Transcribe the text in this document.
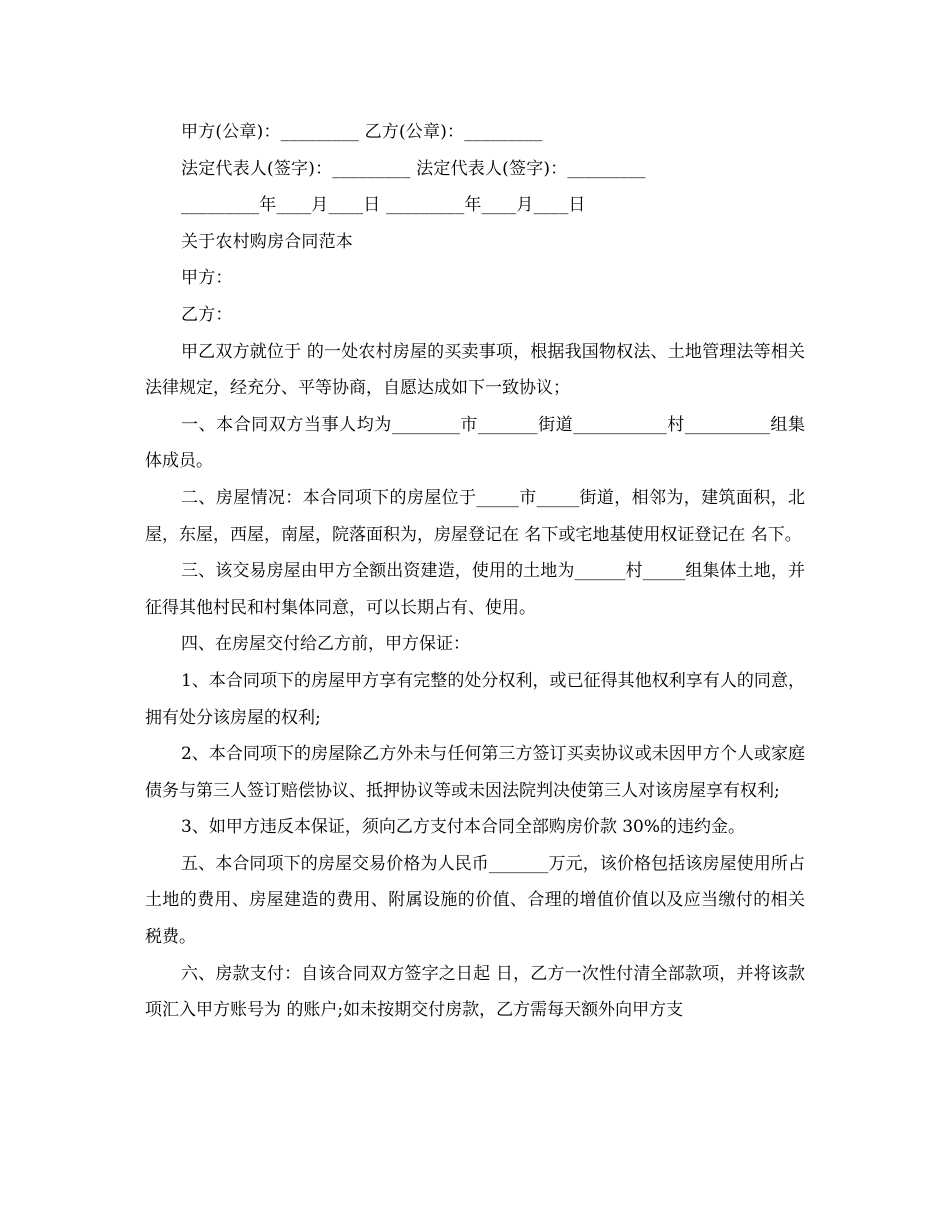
甲方(公章)：_________ 乙方(公章)：_________
法定代表人(签字)：_________ 法定代表人(签字)：_________
_________年____月____日 _________年____月____日
关于农村购房合同范本
甲方：
乙方：

甲乙双方就位于 的一处农村房屋的买卖事项，根据我国物权法、土地管理法等相关法律规定，经充分、平等协商，自愿达成如下一致协议；

一、本合同双方当事人均为________市_______街道___________村__________组集体成员。

二、房屋情况：本合同项下的房屋位于_____市_____街道，相邻为，建筑面积，北屋，东屋，西屋，南屋，院落面积为，房屋登记在 名下或宅地基使用权证登记在 名下。

三、该交易房屋由甲方全额出资建造，使用的土地为______村_____组集体土地，并征得其他村民和村集体同意，可以长期占有、使用。

四、在房屋交付给乙方前，甲方保证：

1、本合同项下的房屋甲方享有完整的处分权利，或已征得其他权利享有人的同意，拥有处分该房屋的权利;

2、本合同项下的房屋除乙方外未与任何第三方签订买卖协议或未因甲方个人或家庭债务与第三人签订赔偿协议、抵押协议等或未因法院判决使第三人对该房屋享有权利;

3、如甲方违反本保证，须向乙方支付本合同全部购房价款 30%的违约金。

五、本合同项下的房屋交易价格为人民币_______万元，该价格包括该房屋使用所占土地的费用、房屋建造的费用、附属设施的价值、合理的增值价值以及应当缴付的相关税费。

六、房款支付：自该合同双方签字之日起 日，乙方一次性付清全部款项，并将该款项汇入甲方账号为 的账户;如未按期交付房款，乙方需每天额外向甲方支
